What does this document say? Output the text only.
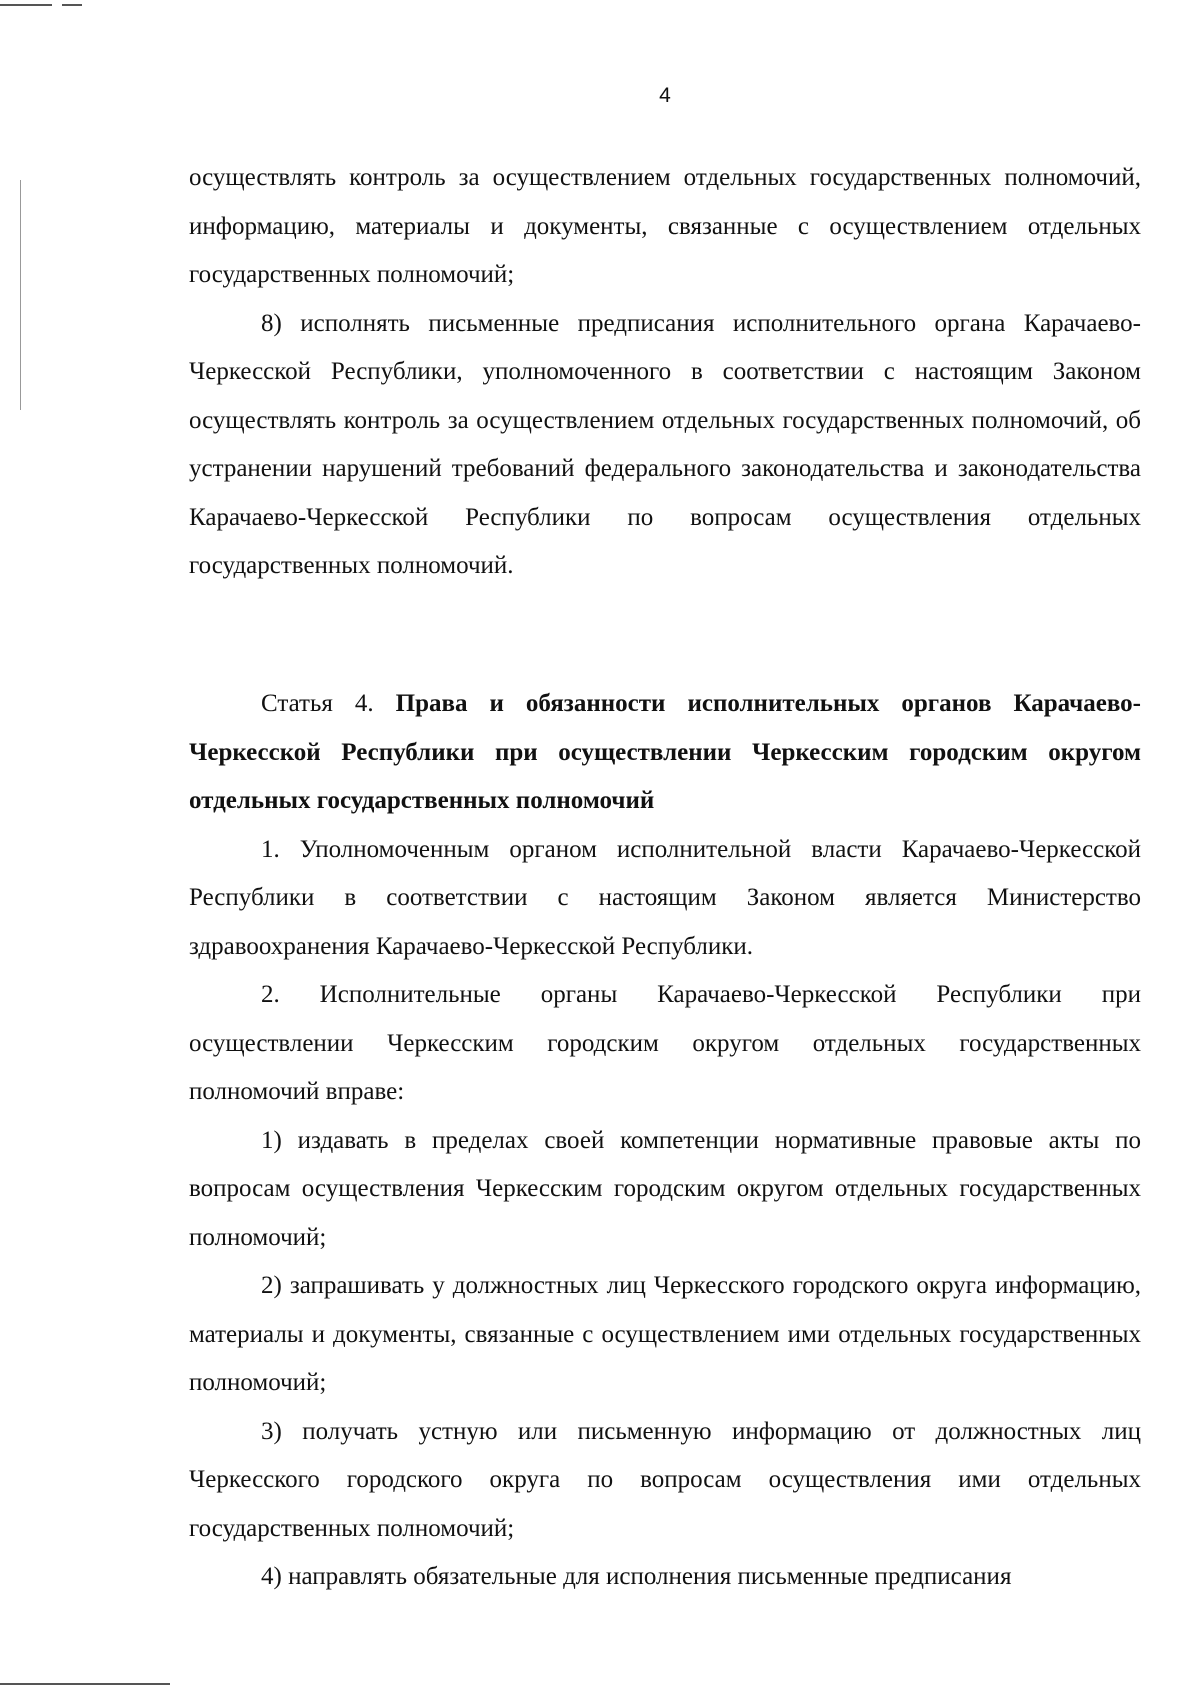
4

осуществлять контроль за осуществлением отдельных государственных полномочий, информацию, материалы и документы, связанные с осуществлением отдельных государственных полномочий;

8) исполнять письменные предписания исполнительного органа Карачаево-Черкесской Республики, уполномоченного в соответствии с настоящим Законом осуществлять контроль за осуществлением отдельных государственных полномочий, об устранении нарушений требований федерального законодательства и законодательства Карачаево-Черкесской Республики по вопросам осуществления отдельных государственных полномочий.

Статья 4. Права и обязанности исполнительных органов Карачаево-Черкесской Республики при осуществлении Черкесским городским округом отдельных государственных полномочий

1. Уполномоченным органом исполнительной власти Карачаево-Черкесской Республики в соответствии с настоящим Законом является Министерство здравоохранения Карачаево-Черкесской Республики.

2. Исполнительные органы Карачаево-Черкесской Республики при осуществлении Черкесским городским округом отдельных государственных полномочий вправе:

1) издавать в пределах своей компетенции нормативные правовые акты по вопросам осуществления Черкесским городским округом отдельных государственных полномочий;

2) запрашивать у должностных лиц Черкесского городского округа информацию, материалы и документы, связанные с осуществлением ими отдельных государственных полномочий;

3) получать устную или письменную информацию от должностных лиц Черкесского городского округа по вопросам осуществления ими отдельных государственных полномочий;

4) направлять обязательные для исполнения письменные предписания
